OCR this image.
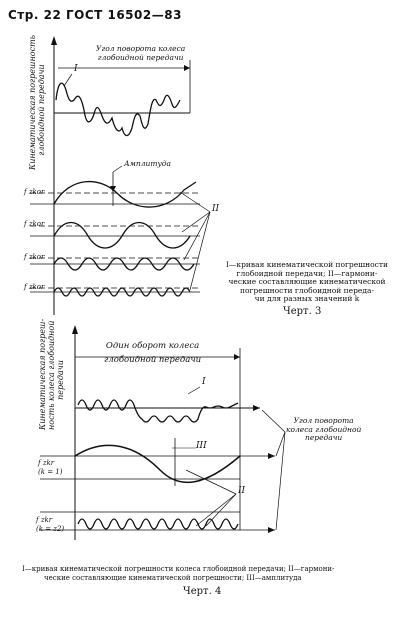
Стр. 22 ГОСТ 16502—83
Кинематическая погрешность глобоидной передачи
Угол поворота колеса
глобоидной передачи
I
Амплитуда
II
f zkor
f zkor
f zkor
f zkor
I—кривая кинематической погрешности
глобоидной передачи; II—гармони-
ческие составляющие кинематической
погрешности глобоидной переда-
чи для разных значений k
Черт. 3
Кинематическая погреш- ность колеса глобоидной передачи
Один оборот колеса
глобоидной передачи
I
III
II
Угол поворота
колеса глобоидной
передачи
f zkr
(k = 1)
f zkr
(k = z2)
I—кривая кинематической погрешности колеса глобоидной передачи; II—гармони-
ческие составляющие кинематической погрешности; III—амплитуда
Черт. 4
